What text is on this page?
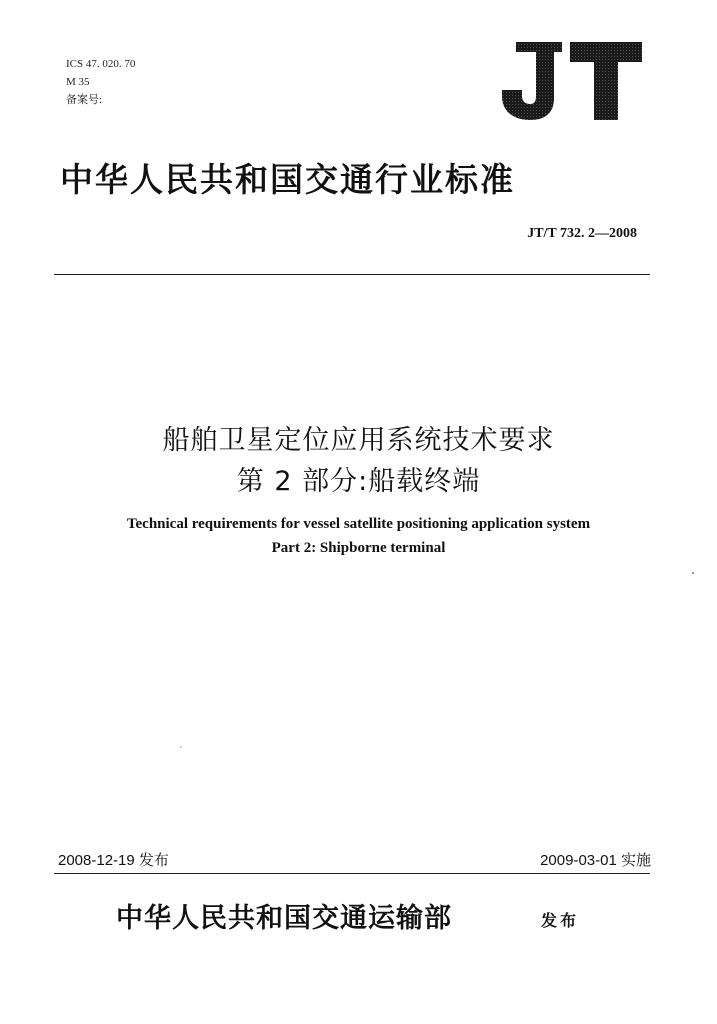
ICS 47. 020. 70
M 35
备案号:
中华人民共和国交通行业标准
JT/T 732. 2—2008
船舶卫星定位应用系统技术要求
第 2 部分:船载终端
Technical requirements for vessel satellite positioning application system
Part 2: Shipborne terminal
2008-12-19 发布	2009-03-01 实施
中华人民共和国交通运输部	发布
